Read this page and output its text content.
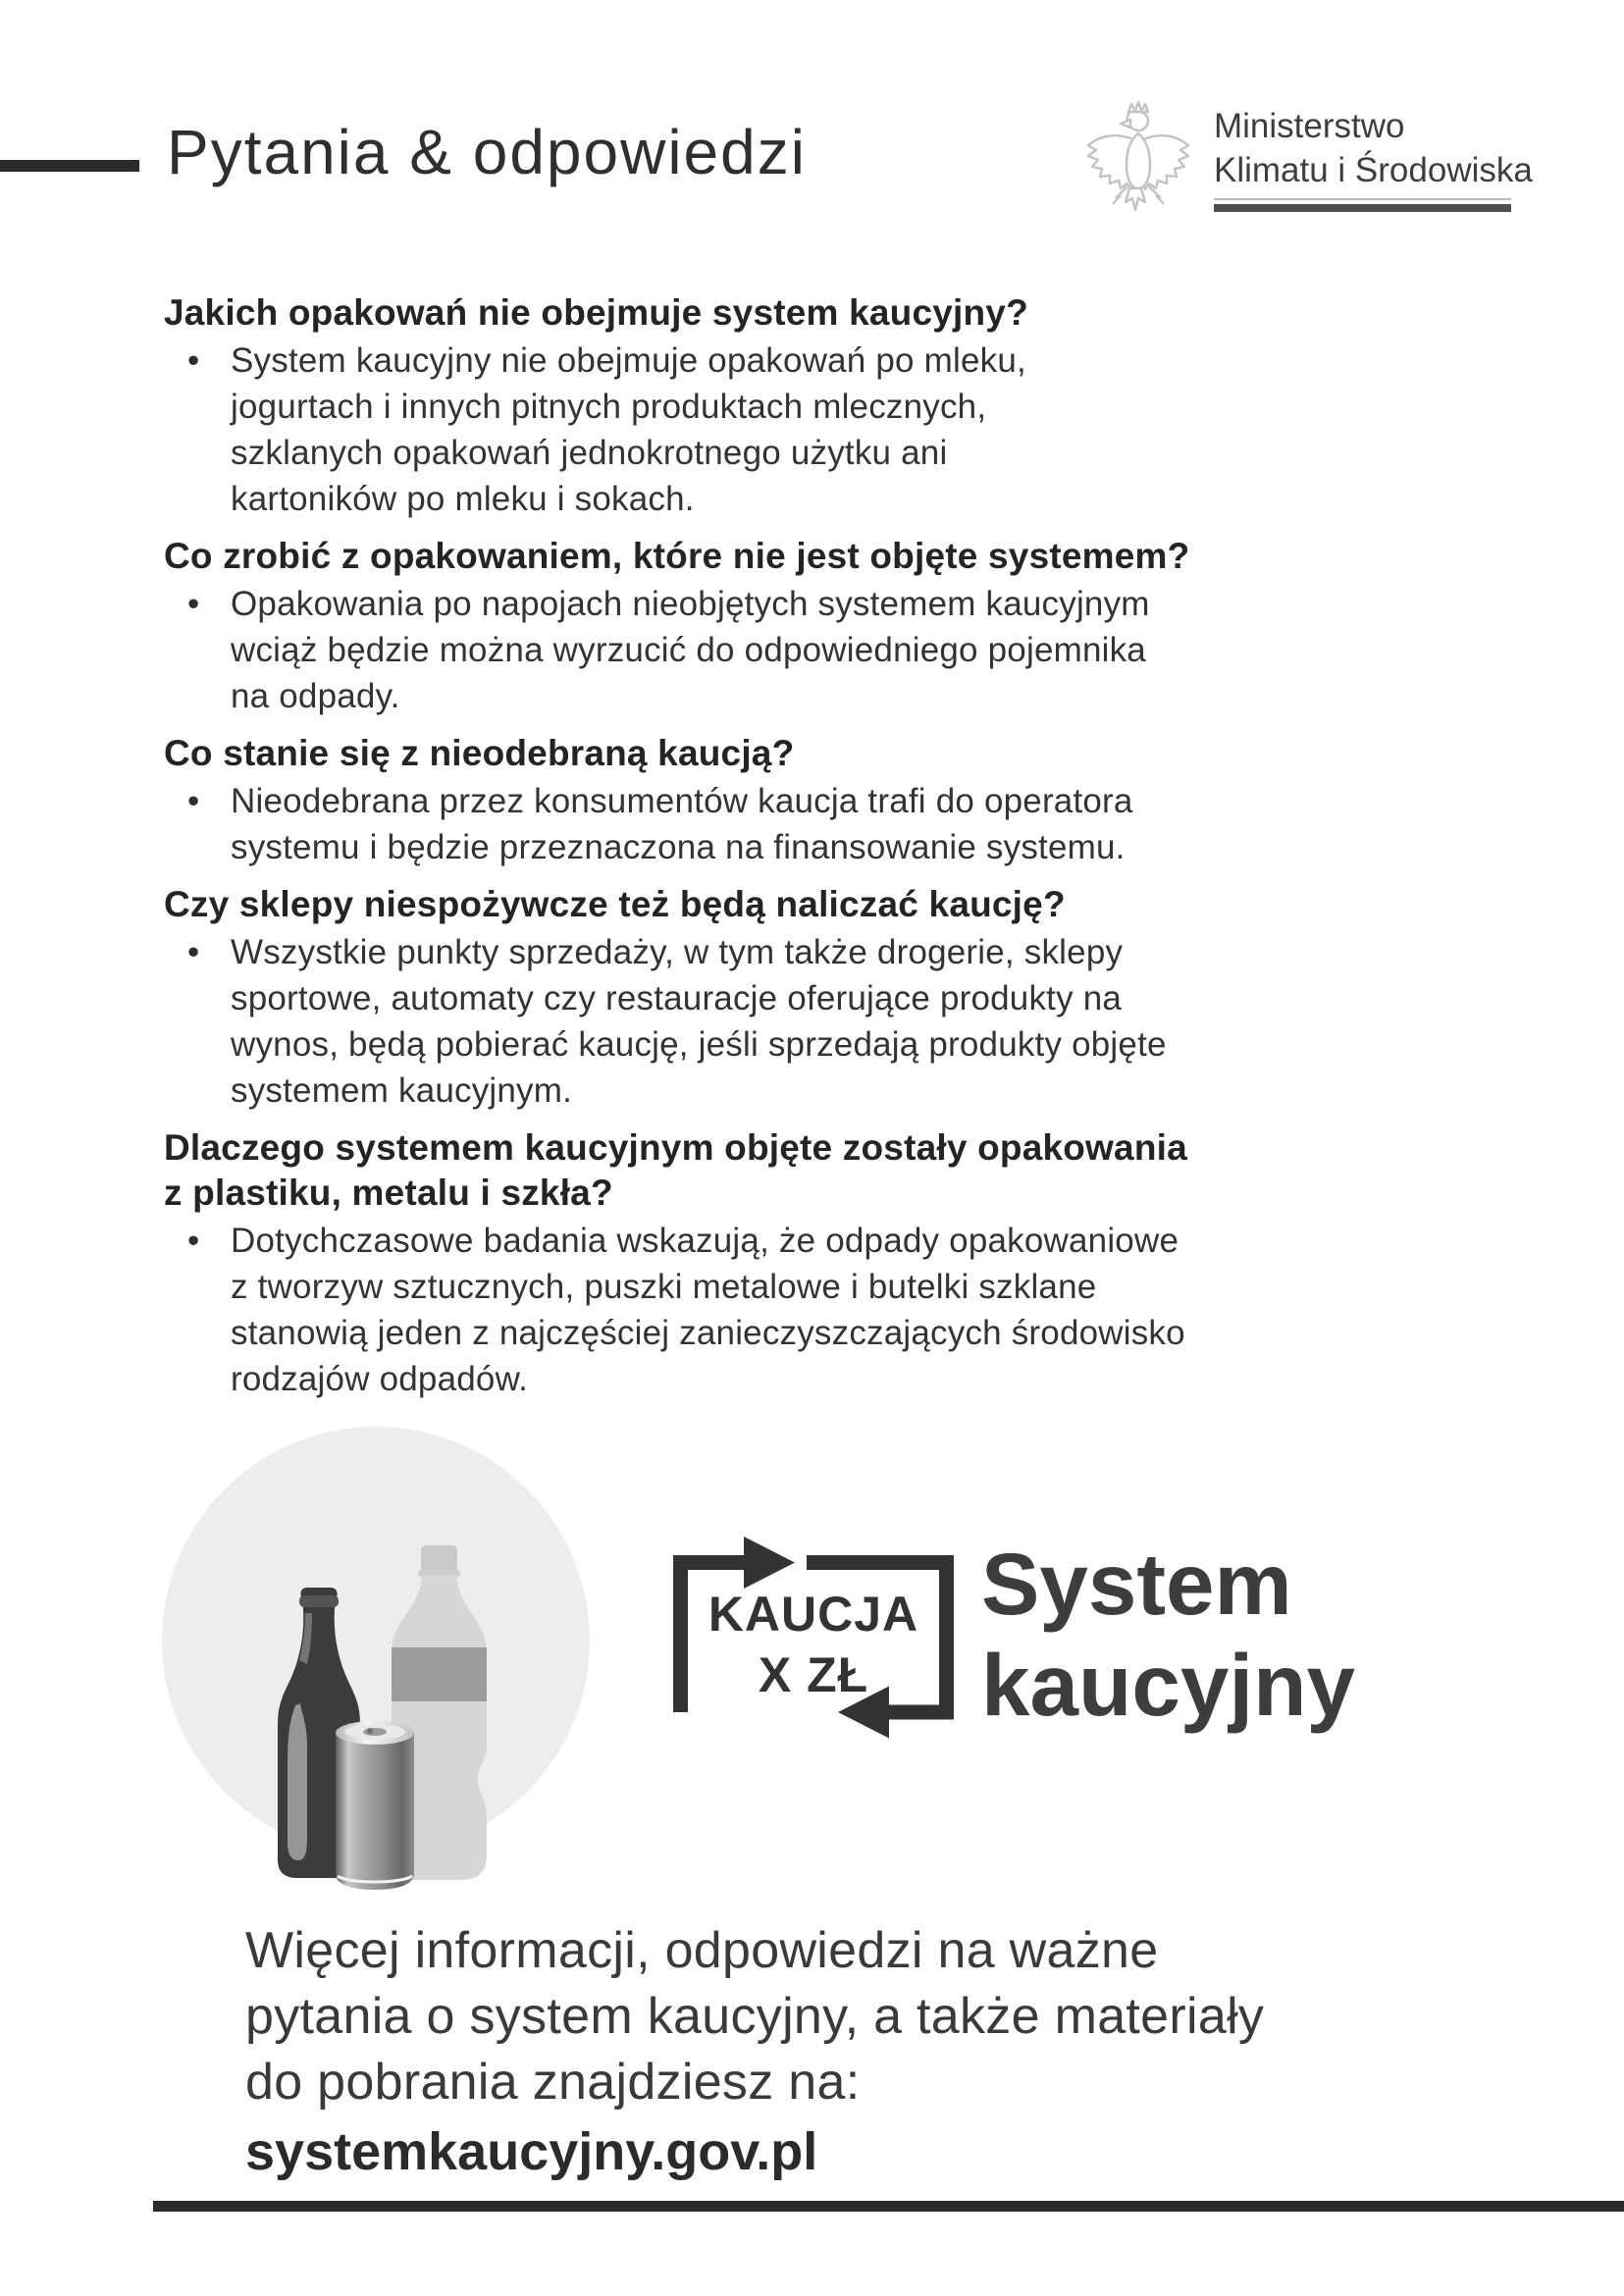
Pytania & odpowiedzi	Ministerstwo
Klimatu i Środowiska
Jakich opakowań nie obejmuje system kaucyjny?
• System kaucyjny nie obejmuje opakowań po mleku,
jogurtach i innych pitnych produktach mlecznych,
szklanych opakowań jednokrotnego użytku ani
kartoników po mleku i sokach.
Co zrobić z opakowaniem, które nie jest objęte systemem?
• Opakowania po napojach nieobjętych systemem kaucyjnym
wciąż będzie można wyrzucić do odpowiedniego pojemnika
na odpady.
Co stanie się z nieodebraną kaucją?
• Nieodebrana przez konsumentów kaucja trafi do operatora
systemu i będzie przeznaczona na finansowanie systemu.
Czy sklepy niespożywcze też będą naliczać kaucję?
• Wszystkie punkty sprzedaży, w tym także drogerie, sklepy
sportowe, automaty czy restauracje oferujące produkty na
wynos, będą pobierać kaucję, jeśli sprzedają produkty objęte
systemem kaucyjnym.
Dlaczego systemem kaucyjnym objęte zostały opakowania
z plastiku, metalu i szkła?
• Dotychczasowe badania wskazują, że odpady opakowaniowe
z tworzyw sztucznych, puszki metalowe i butelki szklane
stanowią jeden z najczęściej zanieczyszczających środowisko
rodzajów odpadów.
KAUCJA
X ZŁ
System
kaucyjny
Więcej informacji, odpowiedzi na ważne
pytania o system kaucyjny, a także materiały
do pobrania znajdziesz na:
systemkaucyjny.gov.pl
